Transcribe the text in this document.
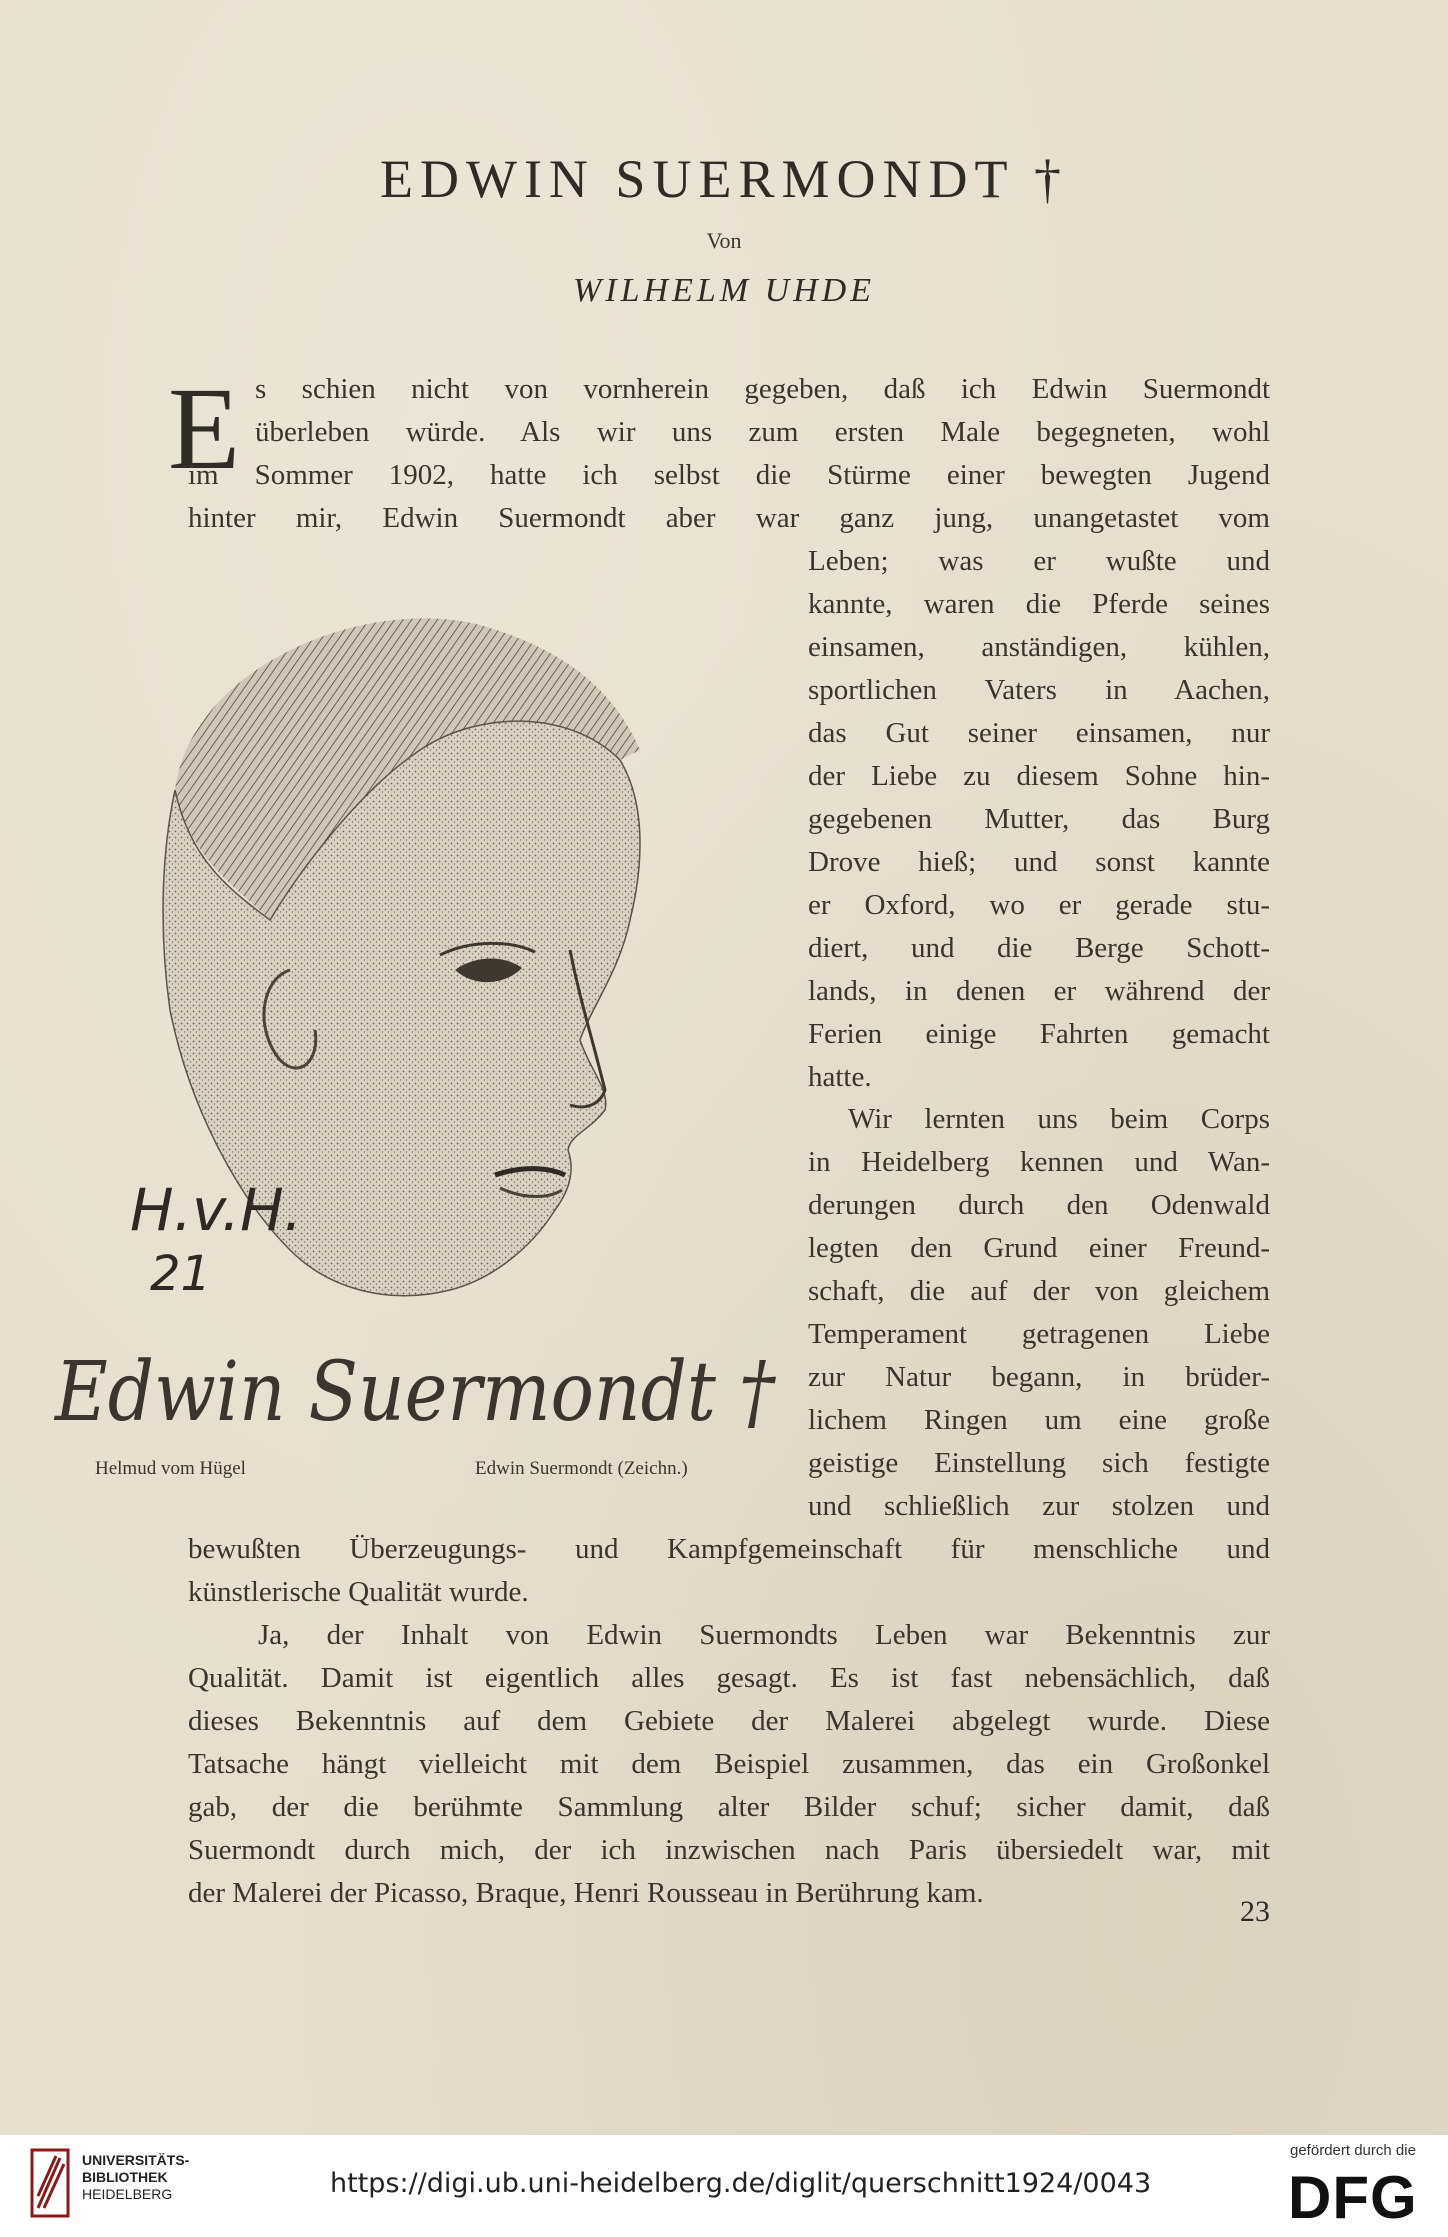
EDWIN SUERMONDT †
Von
WILHELM UHDE
E s schien nicht von vornherein gegeben, daß ich Edwin Suermondt
überleben würde. Als wir uns zum ersten Male begegneten, wohl
im Sommer 1902, hatte ich selbst die Stürme einer bewegten Jugend
hinter mir, Edwin Suermondt aber war ganz jung, unangetastet vom
Leben; was er wußte und
kannte, waren die Pferde seines
einsamen, anständigen, kühlen,
sportlichen Vaters in Aachen,
das Gut seiner einsamen, nur
der Liebe zu diesem Sohne hin-
gegebenen Mutter, das Burg
Drove hieß; und sonst kannte
er Oxford, wo er gerade stu-
diert, und die Berge Schott-
lands, in denen er während der
Ferien einige Fahrten gemacht
hatte.
Wir lernten uns beim Corps
in Heidelberg kennen und Wan-
derungen durch den Odenwald
legten den Grund einer Freund-
schaft, die auf der von gleichem
Temperament getragenen Liebe
zur Natur begann, in brüder-
lichem Ringen um eine große
geistige Einstellung sich festigte
und schließlich zur stolzen und
bewußten Überzeugungs- und Kampfgemeinschaft für menschliche und
künstlerische Qualität wurde.
Ja, der Inhalt von Edwin Suermondts Leben war Bekenntnis zur
Qualität. Damit ist eigentlich alles gesagt. Es ist fast nebensächlich, daß
dieses Bekenntnis auf dem Gebiete der Malerei abgelegt wurde. Diese
Tatsache hängt vielleicht mit dem Beispiel zusammen, das ein Großonkel
gab, der die berühmte Sammlung alter Bilder schuf; sicher damit, daß
Suermondt durch mich, der ich inzwischen nach Paris übersiedelt war, mit
der Malerei der Picasso, Braque, Henri Rousseau in Berührung kam.
H.v.H.
21
Edwin Suermondt †
Helmud vom Hügel	Edwin Suermondt (Zeichn.)
23
UNIVERSITÄTS-
BIBLIOTHEK
HEIDELBERG	https://digi.ub.uni-heidelberg.de/diglit/querschnitt1924/0043
gefördert durch die
DFG
